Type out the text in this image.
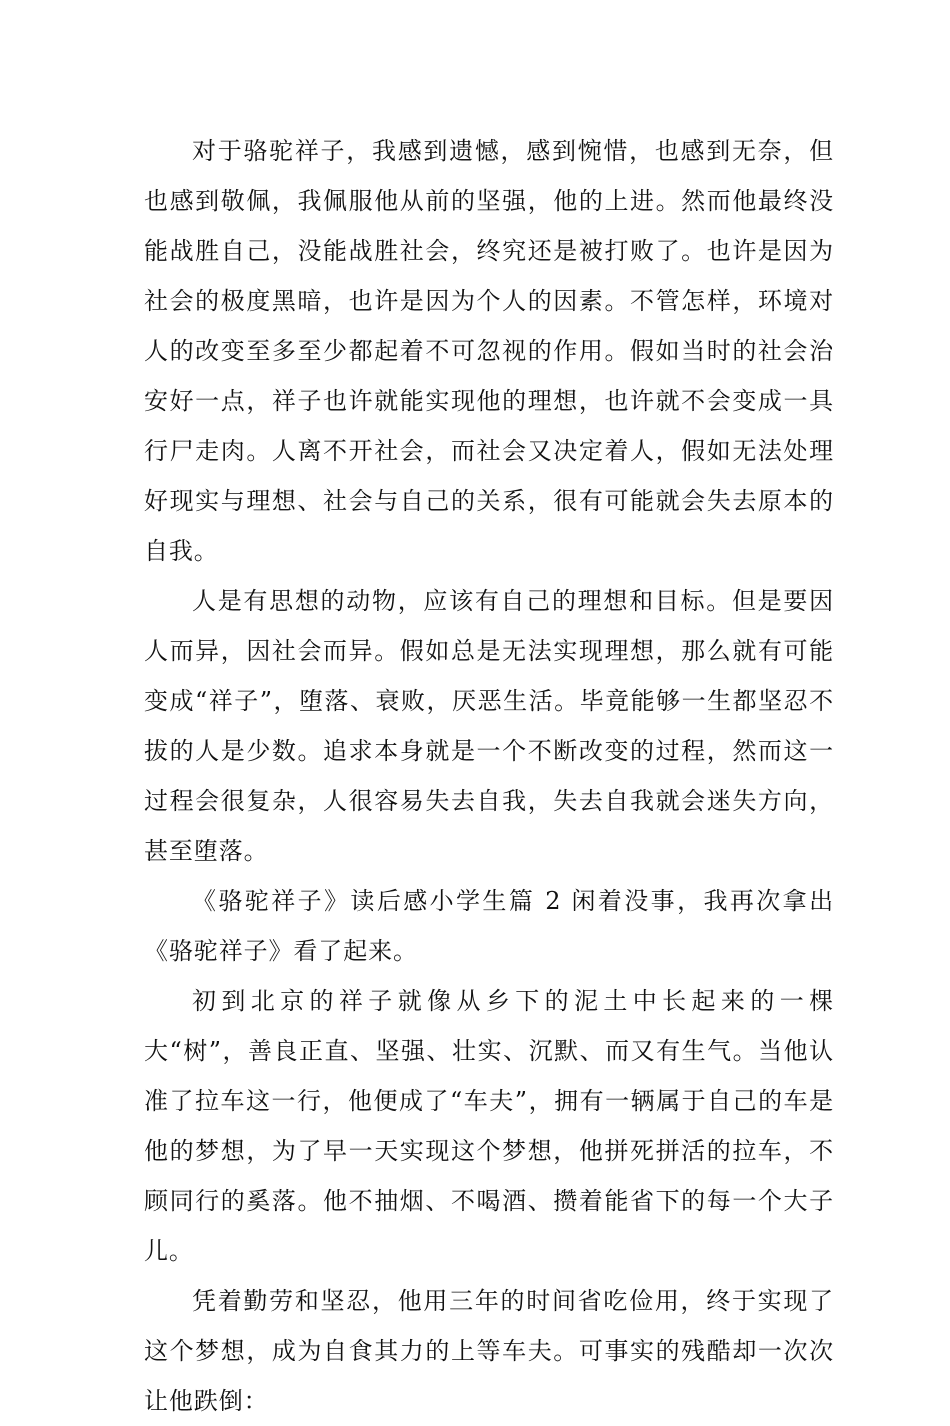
对于骆驼祥子，我感到遗憾，感到惋惜，也感到无奈，但也感到敬佩，我佩服他从前的坚强，他的上进。然而他最终没能战胜自己，没能战胜社会，终究还是被打败了。也许是因为社会的极度黑暗，也许是因为个人的因素。不管怎样，环境对人的改变至多至少都起着不可忽视的作用。假如当时的社会治安好一点，祥子也许就能实现他的理想，也许就不会变成一具行尸走肉。人离不开社会，而社会又决定着人，假如无法处理好现实与理想、社会与自己的关系，很有可能就会失去原本的自我。

人是有思想的动物，应该有自己的理想和目标。但是要因人而异，因社会而异。假如总是无法实现理想，那么就有可能变成“祥子”，堕落、衰败，厌恶生活。毕竟能够一生都坚忍不拔的人是少数。追求本身就是一个不断改变的过程，然而这一过程会很复杂，人很容易失去自我，失去自我就会迷失方向，甚至堕落。

《骆驼祥子》读后感小学生篇 2 闲着没事，我再次拿出《骆驼祥子》看了起来。

初到北京的祥子就像从乡下的泥土中长起来的一棵大“树”，善良正直、坚强、壮实、沉默、而又有生气。当他认准了拉车这一行，他便成了“车夫”，拥有一辆属于自己的车是他的梦想，为了早一天实现这个梦想，他拼死拼活的拉车，不顾同行的奚落。他不抽烟、不喝酒、攒着能省下的每一个大子儿。

凭着勤劳和坚忍，他用三年的时间省吃俭用，终于实现了这个梦想，成为自食其力的上等车夫。可事实的残酷却一次次让他跌倒：
